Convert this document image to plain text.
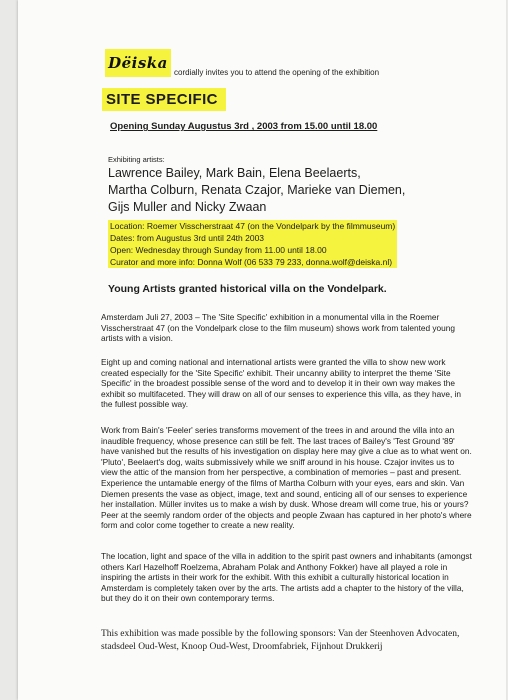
Dëiska
cordially invites you to attend the opening of the exhibition
SITE SPECIFIC
Opening Sunday Augustus 3rd , 2003 from 15.00 until 18.00
Exhibiting artists:
Lawrence Bailey, Mark Bain, Elena Beelaerts,
Martha Colburn, Renata Czajor, Marieke van Diemen,
Gijs Muller and Nicky Zwaan
Location: Roemer Visscherstraat 47 (on the Vondelpark by the filmmuseum)
Dates: from Augustus 3rd until 24th 2003
Open: Wednesday through Sunday from 11.00 until 18.00
Curator and more info: Donna Wolf (06 533 79 233, donna.wolf@deiska.nl)
Young Artists granted historical villa on the Vondelpark.

Amsterdam Juli 27, 2003 – The 'Site Specific' exhibition in a monumental villa in the Roemer Visscherstraat 47 (on the Vondelpark close to the film museum) shows work from talented young artists with a vision.

Eight up and coming national and international artists were granted the villa to show new work created especially for the 'Site Specific' exhibit. Their uncanny ability to interpret the theme 'Site Specific' in the broadest possible sense of the word and to develop it in their own way makes the exhibit so multifaceted. They will draw on all of our senses to experience this villa, as they have, in the fullest possible way.

Work from Bain's 'Feeler' series transforms movement of the trees in and around the villa into an inaudible frequency, whose presence can still be felt. The last traces of Bailey's 'Test Ground '89' have vanished but the results of his investigation on display here may give a clue as to what went on. 'Pluto', Beelaert's dog, waits submissively while we sniff around in his house. Czajor invites us to view the attic of the mansion from her perspective, a combination of memories – past and present. Experience the untamable energy of the films of Martha Colburn with your eyes, ears and skin. Van Diemen presents the vase as object, image, text and sound, enticing all of our senses to experience her installation. Müller invites us to make a wish by dusk. Whose dream will come true, his or yours? Peer at the seemly random order of the objects and people Zwaan has captured in her photo's where form and color come together to create a new reality.

The location, light and space of the villa in addition to the spirit past owners and inhabitants (amongst others Karl Hazelhoff Roelzema, Abraham Polak and Anthony Fokker) have all played a role in inspiring the artists in their work for the exhibit. With this exhibit a culturally historical location in Amsterdam is completely taken over by the arts. The artists add a chapter to the history of the villa, but they do it on their own contemporary terms.

This exhibition was made possible by the following sponsors: Van der Steenhoven Advocaten, stadsdeel Oud-West, Knoop Oud-West, Droomfabriek, Fijnhout Drukkerij
